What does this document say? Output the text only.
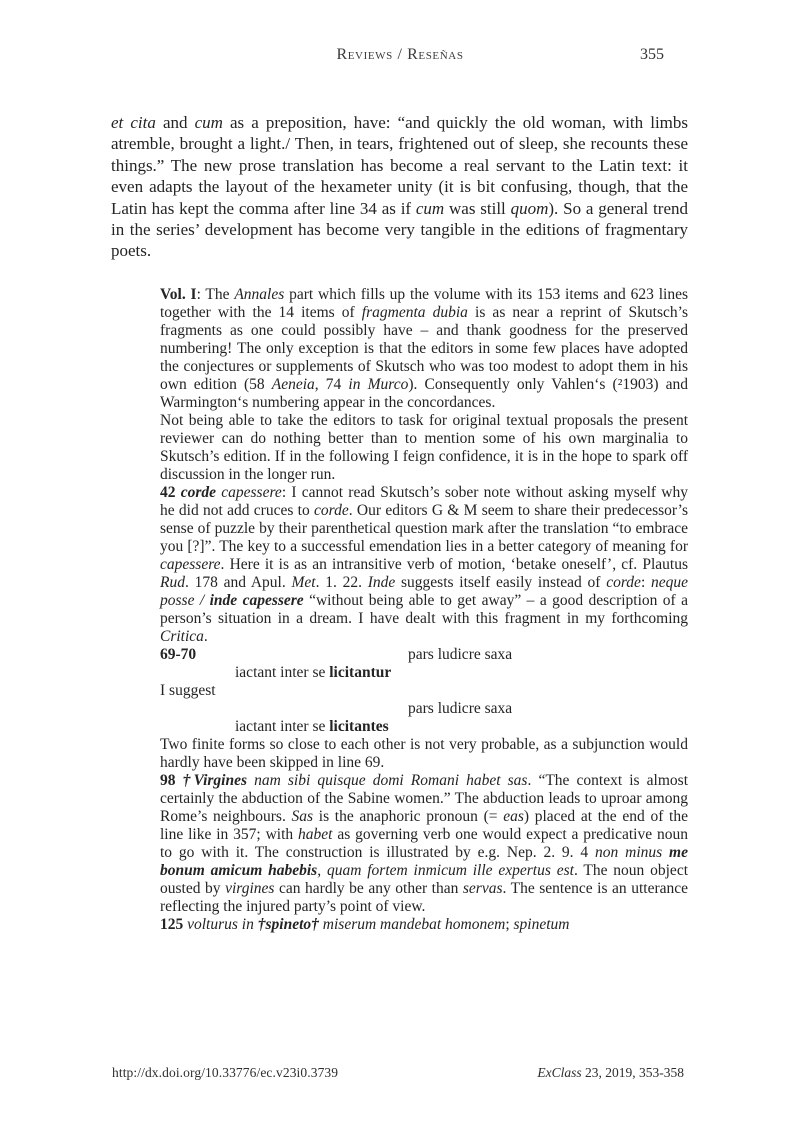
Reviews / Reseñas	355

et cita and cum as a preposition, have: “and quickly the old woman, with limbs atremble, brought a light./ Then, in tears, frightened out of sleep, she recounts these things.” The new prose translation has become a real servant to the Latin text: it even adapts the layout of the hexameter unity (it is bit confusing, though, that the Latin has kept the comma after line 34 as if cum was still quom). So a general trend in the series’ development has become very tangible in the editions of fragmentary poets.

Vol. I: The Annales part which fills up the volume with its 153 items and 623 lines together with the 14 items of fragmenta dubia is as near a reprint of Skutsch’s fragments as one could possibly have – and thank goodness for the preserved numbering! The only exception is that the editors in some few places have adopted the conjectures or supplements of Skutsch who was too modest to adopt them in his own edition (58 Aeneia, 74 in Murco). Consequently only Vahlen‘s (²1903) and Warmington‘s numbering appear in the concordances.
Not being able to take the editors to task for original textual proposals the present reviewer can do nothing better than to mention some of his own marginalia to Skutsch’s edition. If in the following I feign confidence, it is in the hope to spark off discussion in the longer run.
42 corde capessere: I cannot read Skutsch’s sober note without asking myself why he did not add cruces to corde. Our editors G & M seem to share their predecessor’s sense of puzzle by their parenthetical question mark after the translation “to embrace you [?]”. The key to a successful emendation lies in a better category of meaning for capessere. Here it is as an intransitive verb of motion, ‘betake oneself’, cf. Plautus Rud. 178 and Apul. Met. 1. 22. Inde suggests itself easily instead of corde: neque posse / inde capessere “without being able to get away” – a good description of a person’s situation in a dream. I have dealt with this fragment in my forthcoming Critica.
69-70	pars ludicre saxa
iactant inter se licitantur
I suggest
pars ludicre saxa
iactant inter se licitantes
Two finite forms so close to each other is not very probable, as a subjunction would hardly have been skipped in line 69.
98 †Virgines nam sibi quisque domi Romani habet sas. “The context is almost certainly the abduction of the Sabine women.” The abduction leads to uproar among Rome’s neighbours. Sas is the anaphoric pronoun (= eas) placed at the end of the line like in 357; with habet as governing verb one would expect a predicative noun to go with it. The construction is illustrated by e.g. Nep. 2. 9. 4 non minus me bonum amicum habebis, quam fortem inmicum ille expertus est. The noun object ousted by virgines can hardly be any other than servas. The sentence is an utterance reflecting the injured party’s point of view.
125 volturus in †spineto† miserum mandebat homonem; spinetum
http://dx.doi.org/10.33776/ec.v23i0.3739	ExClass 23, 2019, 353-358
